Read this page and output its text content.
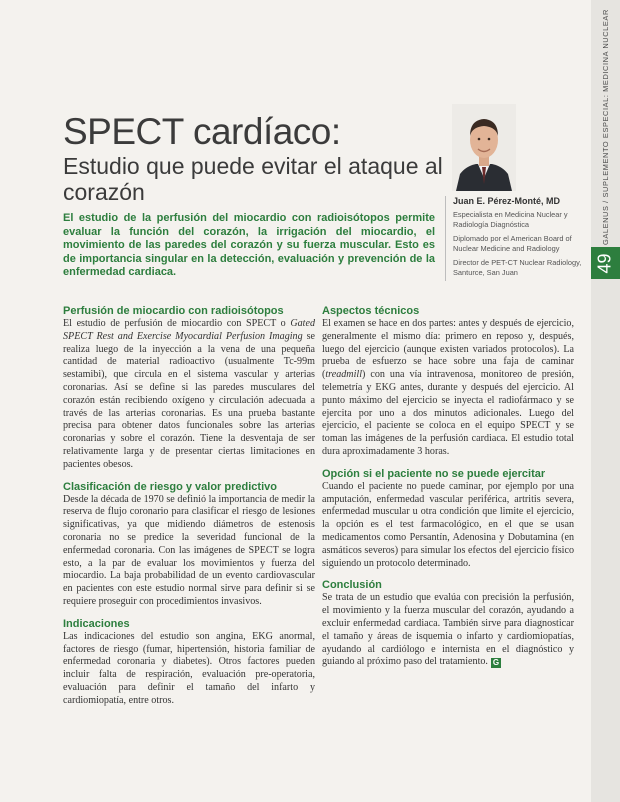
GALENUS / SUPLEMENTO ESPECIAL: MEDICINA NUCLEAR
49
SPECT cardíaco:
Estudio que puede evitar el ataque al corazón

El estudio de la perfusión del miocardio con radioisótopos permite evaluar la función del corazón, la irrigación del miocardio, el movimiento de las paredes del corazón y su fuerza muscular. Esto es de importancia singular en la detección, evaluación y prevención de la enfermedad cardiaca.

Juan E. Pérez-Monté, MD
Especialista en Medicina Nuclear y Radiología Diagnóstica
Diplomado por el American Board of Nuclear Medicine and Radiology
Director de PET-CT Nuclear Radiology, Santurce, San Juan
Perfusión de miocardio con radioisótopos

El estudio de perfusión de miocardio con SPECT o Gated SPECT Rest and Exercise Myocardial Perfusion Imaging se realiza luego de la inyección a la vena de una pequeña cantidad de material radioactivo (usualmente Tc-99m sestamibi), que circula en el sistema vascular y arterias coronarias. Así se define si las paredes musculares del corazón están recibiendo oxígeno y circulación adecuada a través de las arterias coronarias. Es una prueba bastante precisa para obtener datos funcionales sobre las arterias coronarias y sobre el corazón. Tiene la desventaja de ser relativamente larga y de presentar ciertas limitaciones en pacientes obesos.

Clasificación de riesgo y valor predictivo

Desde la década de 1970 se definió la importancia de medir la reserva de flujo coronario para clasificar el riesgo de lesiones significativas, ya que midiendo diámetros de estenosis coronaria no se predice la severidad funcional de la enfermedad coronaria. Con las imágenes de SPECT se logra esto, a la par de evaluar los movimientos y fuerza del miocardio. La baja probabilidad de un evento cardiovascular en pacientes con este estudio normal sirve para definir si se requiere proseguir con procedimientos invasivos.

Indicaciones

Las indicaciones del estudio son angina, EKG anormal, factores de riesgo (fumar, hipertensión, historia familiar de enfermedad coronaria y diabetes). Otros factores pueden incluir falta de respiración, evaluación pre-operatoria, evaluación para definir el tamaño del infarto y cardiomiopatía, entre otros.

Aspectos técnicos

El examen se hace en dos partes: antes y después de ejercicio, generalmente el mismo día: primero en reposo y, después, luego del ejercicio (aunque existen variados protocolos). La prueba de esfuerzo se hace sobre una faja de caminar (treadmill) con una vía intravenosa, monitoreo de presión, telemetría y EKG antes, durante y después del ejercicio. Al punto máximo del ejercicio se inyecta el radiofármaco y se ejercita por uno a dos minutos adicionales. Luego del ejercicio, el paciente se coloca en el equipo SPECT y se toman las imágenes de la perfusión cardiaca. El estudio total dura aproximadamente 3 horas.

Opción si el paciente no se puede ejercitar

Cuando el paciente no puede caminar, por ejemplo por una amputación, enfermedad vascular periférica, artritis severa, enfermedad muscular u otra condición que limite el ejercicio, la opción es el test farmacológico, en el que se usan medicamentos como Persantín, Adenosina y Dobutamina (en asmáticos severos) para simular los efectos del ejercicio físico siguiendo un protocolo determinado.

Conclusión

Se trata de un estudio que evalúa con precisión la perfusión, el movimiento y la fuerza muscular del corazón, ayudando a excluir enfermedad cardiaca. También sirve para diagnosticar el tamaño y áreas de isquemia o infarto y cardiomiopatías, ayudando al cardiólogo e internista en el diagnóstico y guiando al próximo paso del tratamiento. G
